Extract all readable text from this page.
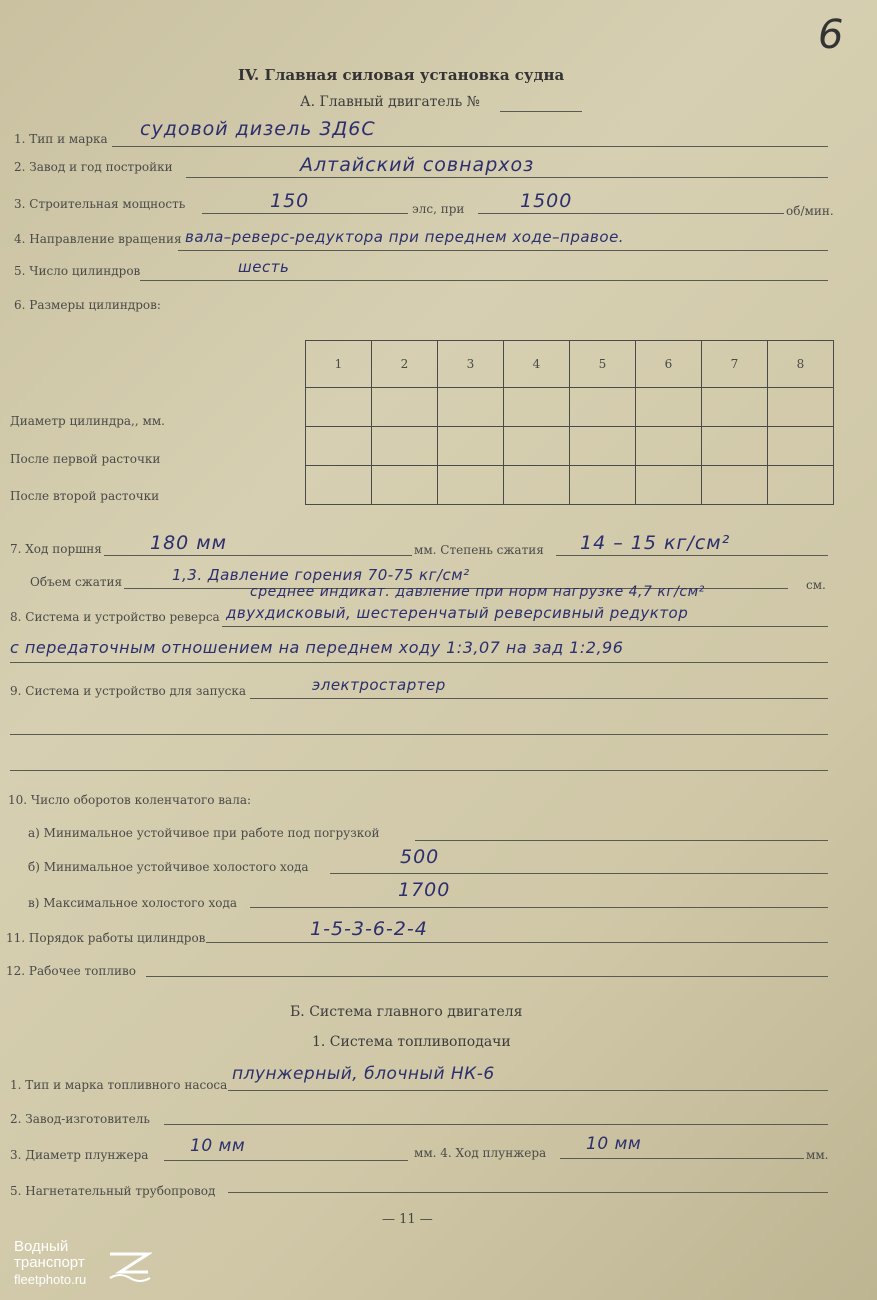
6
IV. Главная силовая установка судна
А. Главный двигатель №
1. Тип и марка судовой дизель 3Д6С
2. Завод и год постройки	Алтайский совнархоз
3. Строительная мощность	150	элс, при	1500	об/мин.
4. Направление вращения вала–реверс-редуктора при переднем ходе–правое.
5. Число цилиндров	шесть
6. Размеры цилиндров:
1	2	3	4	5	6	7	8

Диаметр цилиндра,, мм.
После первой расточки
После второй расточки
7. Ход поршня	180 мм	мм. Степень сжатия 14 – 15 кг/см²
Объем сжатия	1,3. Давление горения 70-75 кг/см²
см.
среднее индикат. давление при норм нагрузке 4,7 кг/см²
8. Система и устройство реверса двухдисковый, шестеренчатый реверсивный редуктор
с передаточным отношением на переднем ходу 1:3,07 на зад 1:2,96
9. Система и устройство для запуска	электростартер
10. Число оборотов коленчатого вала:
а) Минимальное устойчивое при работе под погрузкой
б) Минимальное устойчивое холостого хода	500
в) Максимальное холостого хода
1700
11. Порядок работы цилиндров	1-5-3-6-2-4
12. Рабочее топливо
Б. Система главного двигателя
1. Система топливоподачи
1. Тип и марка топливного насоса
плунжерный, блочный НК-6
2. Завод-изготовитель
3. Диаметр плунжера 10 мм	мм. 4. Ход плунжера 10 мм
мм.
5. Нагнетательный трубопровод
— 11 —
Водный
транспорт
fleetphoto.ru
